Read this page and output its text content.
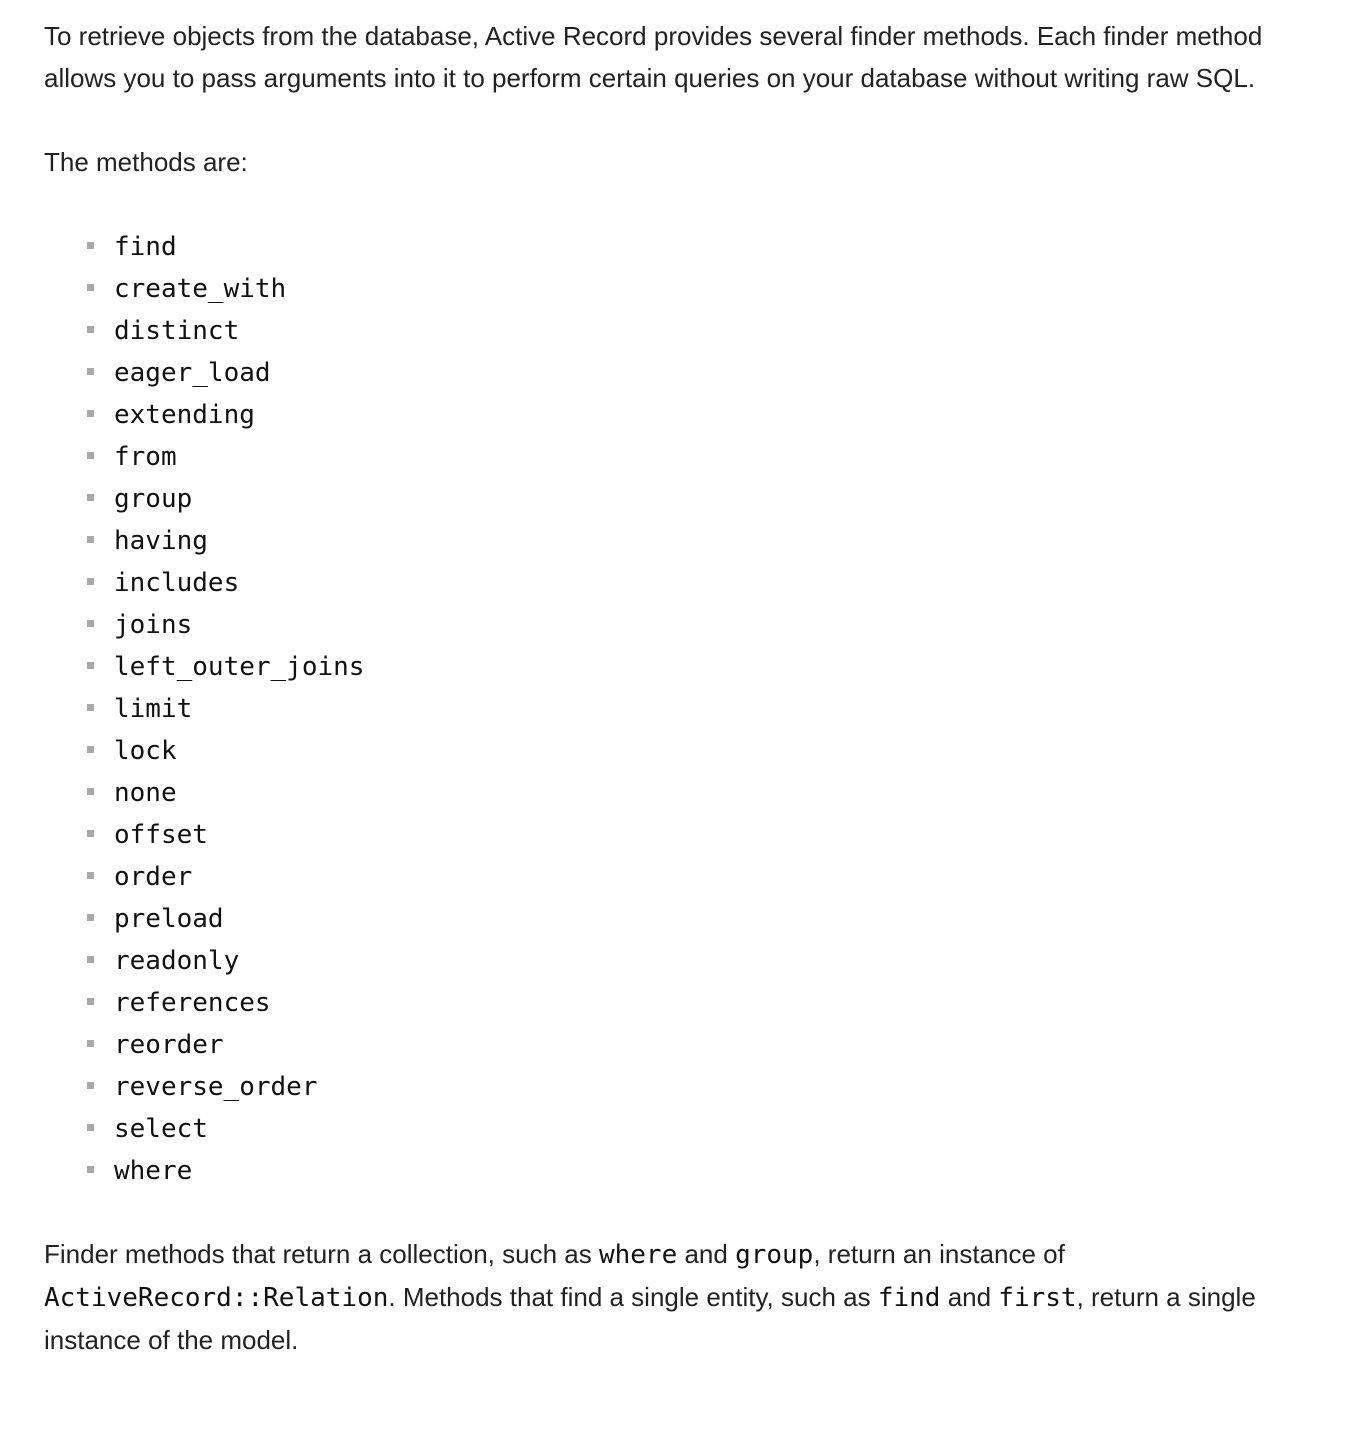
To retrieve objects from the database, Active Record provides several finder methods. Each finder method allows you to pass arguments into it to perform certain queries on your database without writing raw SQL.

The methods are:

find
create_with
distinct
eager_load
extending
from
group
having
includes
joins
left_outer_joins
limit
lock
none
offset
order
preload
readonly
references
reorder
reverse_order
select
where

Finder methods that return a collection, such as where and group, return an instance of ActiveRecord::Relation. Methods that find a single entity, such as find and first, return a single instance of the model.
